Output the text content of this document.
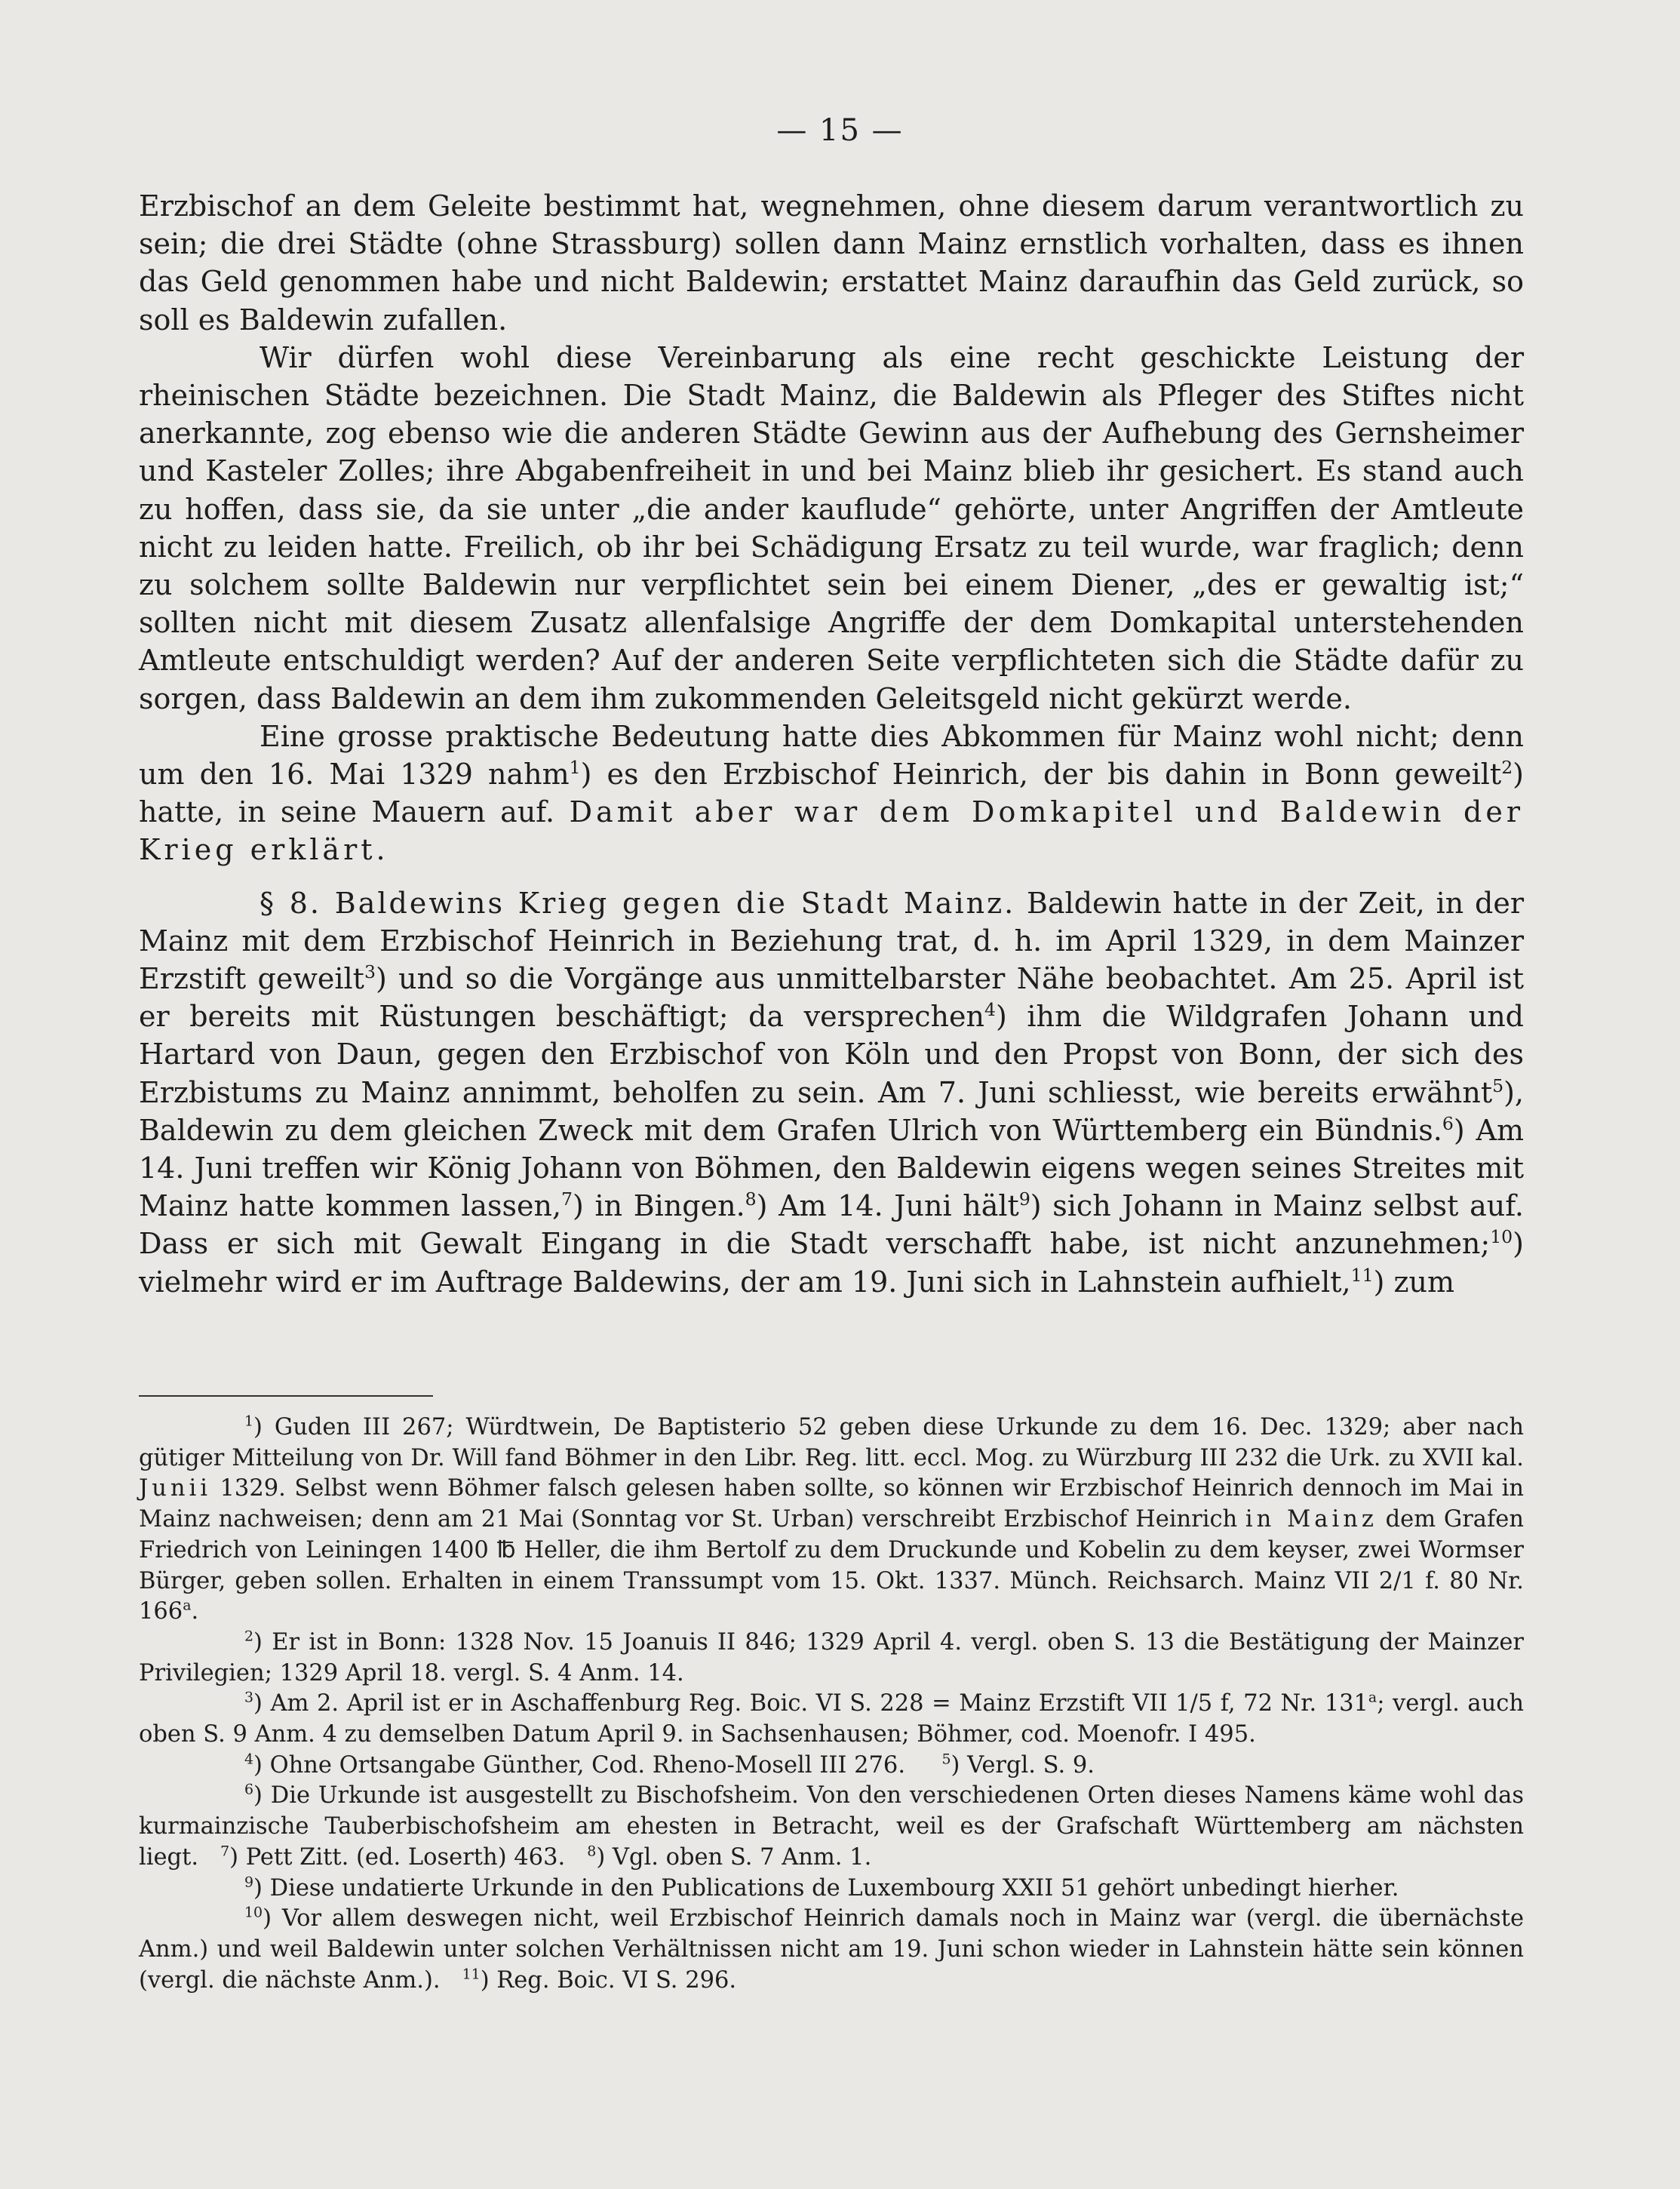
— 15 —

Erzbischof an dem Geleite bestimmt hat, wegnehmen, ohne diesem darum verantwortlich zu sein; die drei Städte (ohne Strassburg) sollen dann Mainz ernstlich vorhalten, dass es ihnen das Geld genommen habe und nicht Baldewin; erstattet Mainz daraufhin das Geld zurück, so soll es Baldewin zufallen.

Wir dürfen wohl diese Vereinbarung als eine recht geschickte Leistung der rheinischen Städte bezeichnen. Die Stadt Mainz, die Baldewin als Pfleger des Stiftes nicht anerkannte, zog ebenso wie die anderen Städte Gewinn aus der Aufhebung des Gernsheimer und Kasteler Zolles; ihre Abgabenfreiheit in und bei Mainz blieb ihr gesichert. Es stand auch zu hoffen, dass sie, da sie unter „die ander kauflude“ gehörte, unter Angriffen der Amtleute nicht zu leiden hatte. Freilich, ob ihr bei Schädigung Ersatz zu teil wurde, war fraglich; denn zu solchem sollte Baldewin nur verpflichtet sein bei einem Diener, „des er gewaltig ist;“ sollten nicht mit diesem Zusatz allenfalsige Angriffe der dem Domkapital unterstehenden Amtleute entschuldigt werden? Auf der anderen Seite verpflichteten sich die Städte dafür zu sorgen, dass Baldewin an dem ihm zukommenden Geleitsgeld nicht gekürzt werde.

Eine grosse praktische Bedeutung hatte dies Abkommen für Mainz wohl nicht; denn um den 16. Mai 1329 nahm$^1$) es den Erzbischof Heinrich, der bis dahin in Bonn geweilt$^2$) hatte, in seine Mauern auf. Damit aber war dem Domkapitel und Baldewin der Krieg erklärt.

§ 8. Baldewins Krieg gegen die Stadt Mainz. Baldewin hatte in der Zeit, in der Mainz mit dem Erzbischof Heinrich in Beziehung trat, d. h. im April 1329, in dem Mainzer Erzstift geweilt$^3$) und so die Vorgänge aus unmittelbarster Nähe beobachtet. Am 25. April ist er bereits mit Rüstungen beschäftigt; da versprechen$^4$) ihm die Wildgrafen Johann und Hartard von Daun, gegen den Erzbischof von Köln und den Propst von Bonn, der sich des Erzbistums zu Mainz annimmt, beholfen zu sein. Am 7. Juni schliesst, wie bereits erwähnt$^5$), Baldewin zu dem gleichen Zweck mit dem Grafen Ulrich von Württemberg ein Bündnis.$^6$) Am 14. Juni treffen wir König Johann von Böhmen, den Baldewin eigens wegen seines Streites mit Mainz hatte kommen lassen,$^7$) in Bingen.$^8$) Am 14. Juni hält$^9$) sich Johann in Mainz selbst auf. Dass er sich mit Gewalt Eingang in die Stadt verschafft habe, ist nicht anzunehmen;$^{10}$) vielmehr wird er im Auftrage Baldewins, der am 19. Juni sich in Lahnstein aufhielt,$^{11}$) zum

$^1$) Guden III 267; Würdtwein, De Baptisterio 52 geben diese Urkunde zu dem 16. Dec. 1329; aber nach gütiger Mitteilung von Dr. Will fand Böhmer in den Libr. Reg. litt. eccl. Mog. zu Würzburg III 232 die Urk. zu XVII kal. Junii 1329. Selbst wenn Böhmer falsch gelesen haben sollte, so können wir Erzbischof Heinrich dennoch im Mai in Mainz nachweisen; denn am 21 Mai (Sonntag vor St. Urban) verschreibt Erzbischof Heinrich in Mainz dem Grafen Friedrich von Leiningen 1400 ℔ Heller, die ihm Bertolf zu dem Druckunde und Kobelin zu dem keyser, zwei Wormser Bürger, geben sollen. Erhalten in einem Transsumpt vom 15. Okt. 1337. Münch. Reichsarch. Mainz VII 2/1 f. 80 Nr. 166$^a$.

$^2$) Er ist in Bonn: 1328 Nov. 15 Joanuis II 846; 1329 April 4. vergl. oben S. 13 die Bestätigung der Mainzer Privilegien; 1329 April 18. vergl. S. 4 Anm. 14.

$^3$) Am 2. April ist er in Aschaffenburg Reg. Boic. VI S. 228 = Mainz Erzstift VII 1/5 f, 72 Nr. 131$^a$; vergl. auch oben S. 9 Anm. 4 zu demselben Datum April 9. in Sachsenhausen; Böhmer, cod. Moenofr. I 495.

$^4$) Ohne Ortsangabe Günther, Cod. Rheno-Mosell III 276.	$^5$) Vergl. S. 9.

$^6$) Die Urkunde ist ausgestellt zu Bischofsheim. Von den verschiedenen Orten dieses Namens käme wohl das kurmainzische Tauberbischofsheim am ehesten in Betracht, weil es der Grafschaft Württemberg am nächsten liegt. $^7$) Pett Zitt. (ed. Loserth) 463. $^8$) Vgl. oben S. 7 Anm. 1.

$^9$) Diese undatierte Urkunde in den Publications de Luxembourg XXII 51 gehört unbedingt hierher.

$^{10}$) Vor allem deswegen nicht, weil Erzbischof Heinrich damals noch in Mainz war (vergl. die übernächste Anm.) und weil Baldewin unter solchen Verhältnissen nicht am 19. Juni schon wieder in Lahnstein hätte sein können (vergl. die nächste Anm.). $^{11}$) Reg. Boic. VI S. 296.
